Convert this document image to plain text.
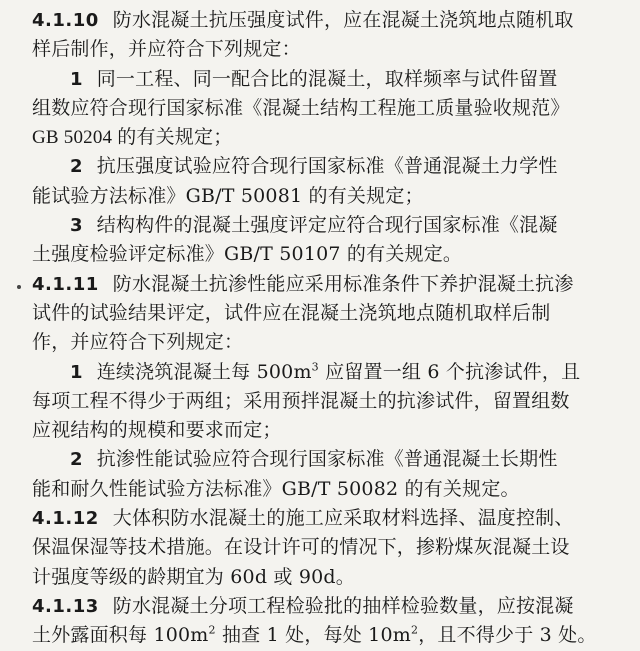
4.1.10 防水混凝土抗压强度试件，应在混凝土浇筑地点随机取
样后制作，并应符合下列规定：
1 同一工程、同一配合比的混凝土，取样频率与试件留置
组数应符合现行国家标准《混凝土结构工程施工质量验收规范》
GB 50204 的有关规定；
2 抗压强度试验应符合现行国家标准《普通混凝土力学性
能试验方法标准》GB/T 50081 的有关规定；
3 结构构件的混凝土强度评定应符合现行国家标准《混凝
土强度检验评定标准》GB/T 50107 的有关规定。
4.1.11 防水混凝土抗渗性能应采用标准条件下养护混凝土抗渗
试件的试验结果评定，试件应在混凝土浇筑地点随机取样后制
作，并应符合下列规定：
1 连续浇筑混凝土每 $500m^3$ 应留置一组 6 个抗渗试件，且
每项工程不得少于两组；采用预拌混凝土的抗渗试件，留置组数
应视结构的规模和要求而定；
2 抗渗性能试验应符合现行国家标准《普通混凝土长期性
能和耐久性能试验方法标准》GB/T 50082 的有关规定。
4.1.12 大体积防水混凝土的施工应采取材料选择、温度控制、
保温保湿等技术措施。在设计许可的情况下，掺粉煤灰混凝土设
计强度等级的龄期宜为 60d 或 90d。
4.1.13 防水混凝土分项工程检验批的抽样检验数量，应按混凝
土外露面积每 $100m^2$ 抽查 1 处，每处 $10m^2$，且不得少于 3 处。
